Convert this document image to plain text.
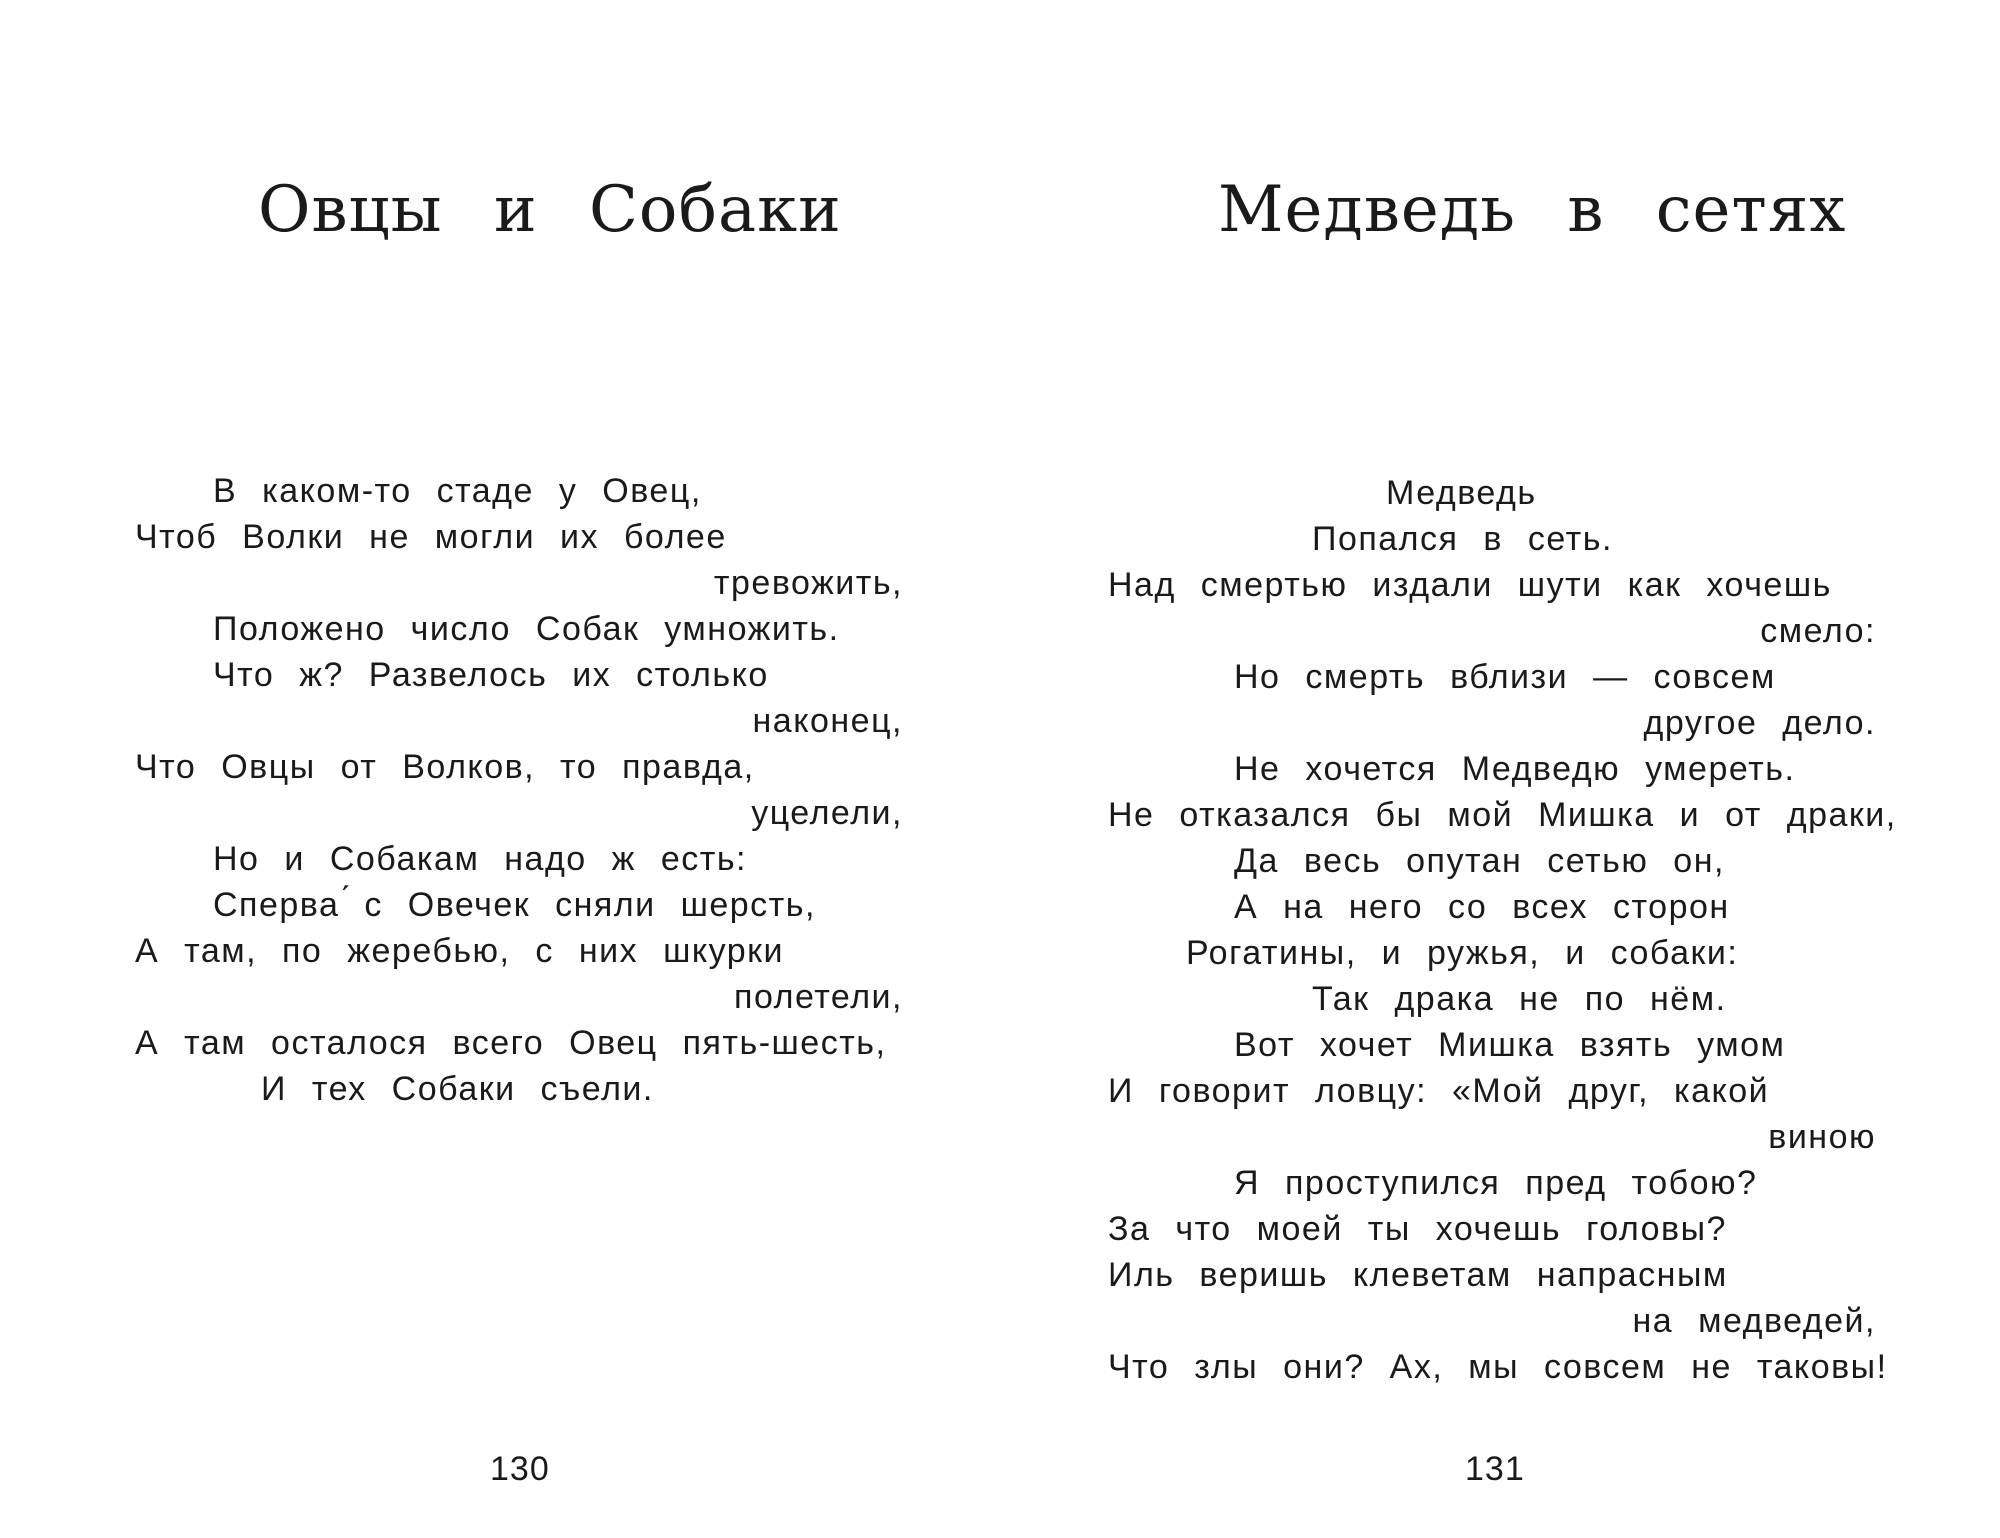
Овцы и Собаки
В каком-то стаде у Овец,
Чтоб Волки не могли их более
тревожить,
Положено число Собак умножить.
Что ж? Развелось их столько
наконец,
Что Овцы от Волков, то правда,
уцелели,
Но и Собакам надо ж есть:
Сперва ́с Овечек сняли шерсть,
А там, по жеребью, с них шкурки
полетели,
А там осталося всего Овец пять-шесть,
И тех Собаки съели.
130
Медведь в сетях
Медведь
Попался в сеть.
Над смертью издали шути как хочешь
смело:
Но смерть вблизи — совсем
другое дело.
Не хочется Медведю умереть.
Не отказался бы мой Мишка и от драки,
Да весь опутан сетью он,
А на него со всех сторон
Рогатины, и ружья, и собаки:
Так драка не по нём.
Вот хочет Мишка взять умом
И говорит ловцу: «Мой друг, какой
виною
Я проступился пред тобою?
За что моей ты хочешь головы?
Иль веришь клеветам напрасным
на медведей,
Что злы они? Ах, мы совсем не таковы!
131
